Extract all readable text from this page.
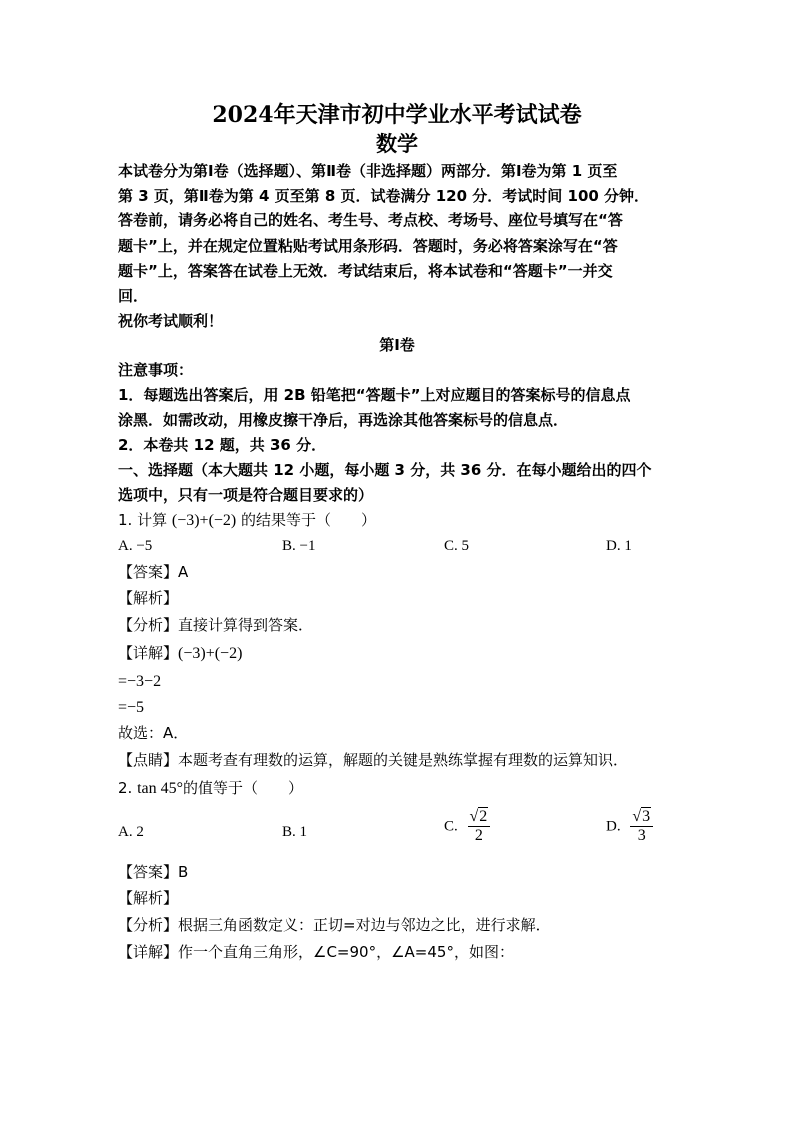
2024年天津市初中学业水平考试试卷
数学
本试卷分为第Ⅰ卷（选择题）、第Ⅱ卷（非选择题）两部分．第Ⅰ卷为第 1 页至
第 3 页，第Ⅱ卷为第 4 页至第 8 页．试卷满分 120 分．考试时间 100 分钟．
答卷前，请务必将自己的姓名、考生号、考点校、考场号、座位号填写在“答
题卡”上，并在规定位置粘贴考试用条形码．答题时，务必将答案涂写在“答
题卡”上，答案答在试卷上无效．考试结束后，将本试卷和“答题卡”一并交
回．
祝你考试顺利！
第Ⅰ卷
注意事项：
1．每题选出答案后，用 2B 铅笔把“答题卡”上对应题目的答案标号的信息点
涂黑．如需改动，用橡皮擦干净后，再选涂其他答案标号的信息点．
2．本卷共 12 题，共 36 分．
一、选择题（本大题共 12 小题，每小题 3 分，共 36 分．在每小题给出的四个
选项中，只有一项是符合题目要求的）
1. 计算 (−3)+(−2) 的结果等于（　　）
A. −5	B. −1	C. 5	D. 1
【答案】A
【解析】
【分析】直接计算得到答案．
【详解】(−3)+(−2)
=−3−2
=−5
故选：A．
【点睛】本题考查有理数的运算，解题的关键是熟练掌握有理数的运算知识．
2. tan 45°的值等于（　　）
A. 2	B. 1	C. $\frac{√2}{2}$	D. $\frac{√3}{3}$
【答案】B
【解析】
【分析】根据三角函数定义：正切=对边与邻边之比，进行求解．
【详解】作一个直角三角形，∠C=90°，∠A=45°，如图：
